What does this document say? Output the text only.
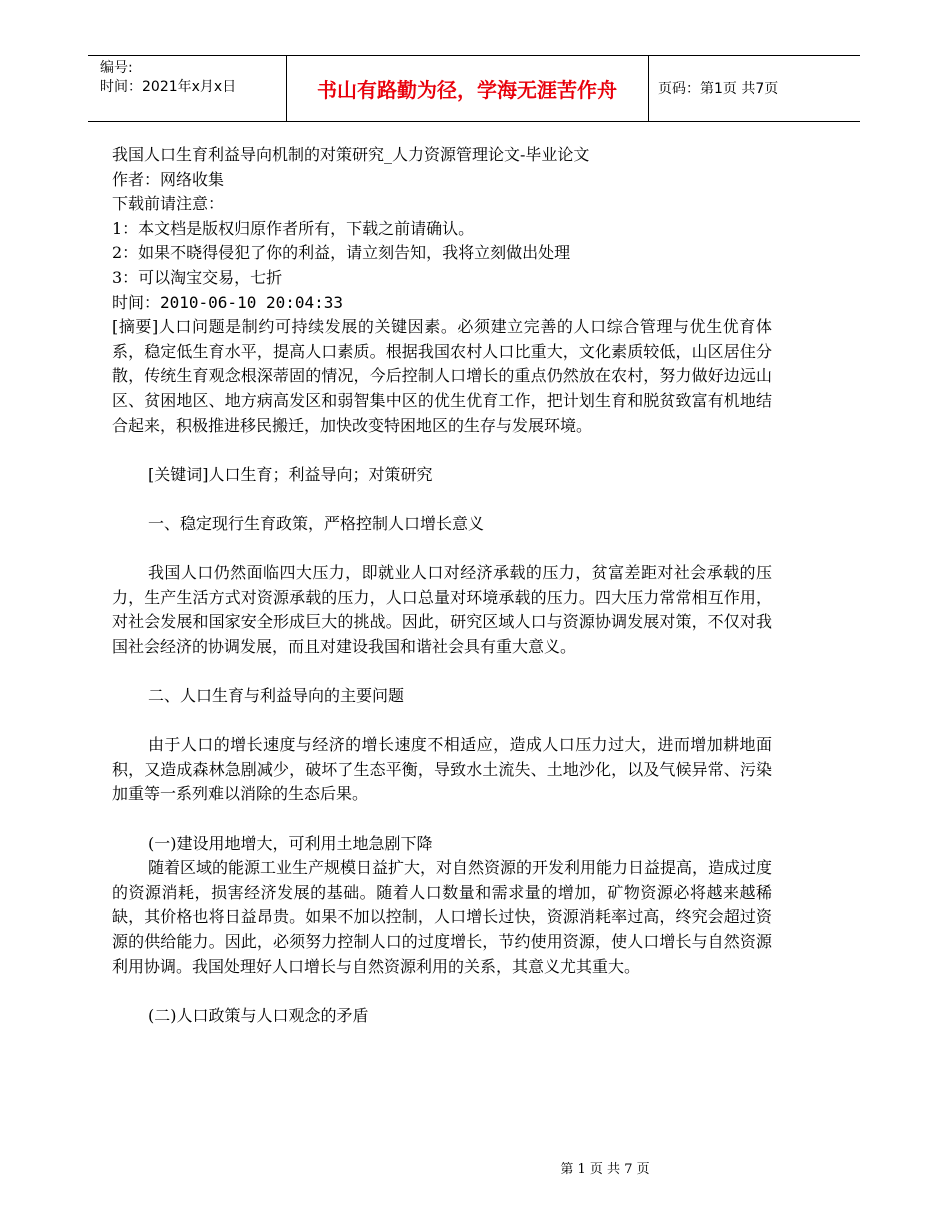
编号:
时间：2021年x月x日	书山有路勤为径，学海无涯苦作舟	页码：第1页 共7页

我国人口生育利益导向机制的对策研究_人力资源管理论文-毕业论文

作者：网络收集

下载前请注意：

1：本文档是版权归原作者所有，下载之前请确认。

2：如果不晓得侵犯了你的利益，请立刻告知，我将立刻做出处理

3：可以淘宝交易，七折

时间：2010-06-10 20:04:33

[摘要]人口问题是制约可持续发展的关键因素。必须建立完善的人口综合管理与优生优育体系，稳定低生育水平，提高人口素质。根据我国农村人口比重大，文化素质较低，山区居住分散，传统生育观念根深蒂固的情况，今后控制人口增长的重点仍然放在农村，努力做好边远山区、贫困地区、地方病高发区和弱智集中区的优生优育工作，把计划生育和脱贫致富有机地结合起来，积极推进移民搬迁，加快改变特困地区的生存与发展环境。

[关键词]人口生育；利益导向；对策研究

一、稳定现行生育政策，严格控制人口增长意义

我国人口仍然面临四大压力，即就业人口对经济承载的压力，贫富差距对社会承载的压力，生产生活方式对资源承载的压力，人口总量对环境承载的压力。四大压力常常相互作用，对社会发展和国家安全形成巨大的挑战。因此，研究区域人口与资源协调发展对策，不仅对我国社会经济的协调发展，而且对建设我国和谐社会具有重大意义。

二、人口生育与利益导向的主要问题

由于人口的增长速度与经济的增长速度不相适应，造成人口压力过大，进而增加耕地面积，又造成森林急剧减少，破坏了生态平衡，导致水土流失、土地沙化，以及气候异常、污染加重等一系列难以消除的生态后果。

(一)建设用地增大，可利用土地急剧下降

随着区域的能源工业生产规模日益扩大，对自然资源的开发利用能力日益提高，造成过度的资源消耗，损害经济发展的基础。随着人口数量和需求量的增加，矿物资源必将越来越稀缺，其价格也将日益昂贵。如果不加以控制，人口增长过快，资源消耗率过高，终究会超过资源的供给能力。因此，必须努力控制人口的过度增长，节约使用资源，使人口增长与自然资源利用协调。我国处理好人口增长与自然资源利用的关系，其意义尤其重大。

(二)人口政策与人口观念的矛盾

第 1 页 共 7 页
